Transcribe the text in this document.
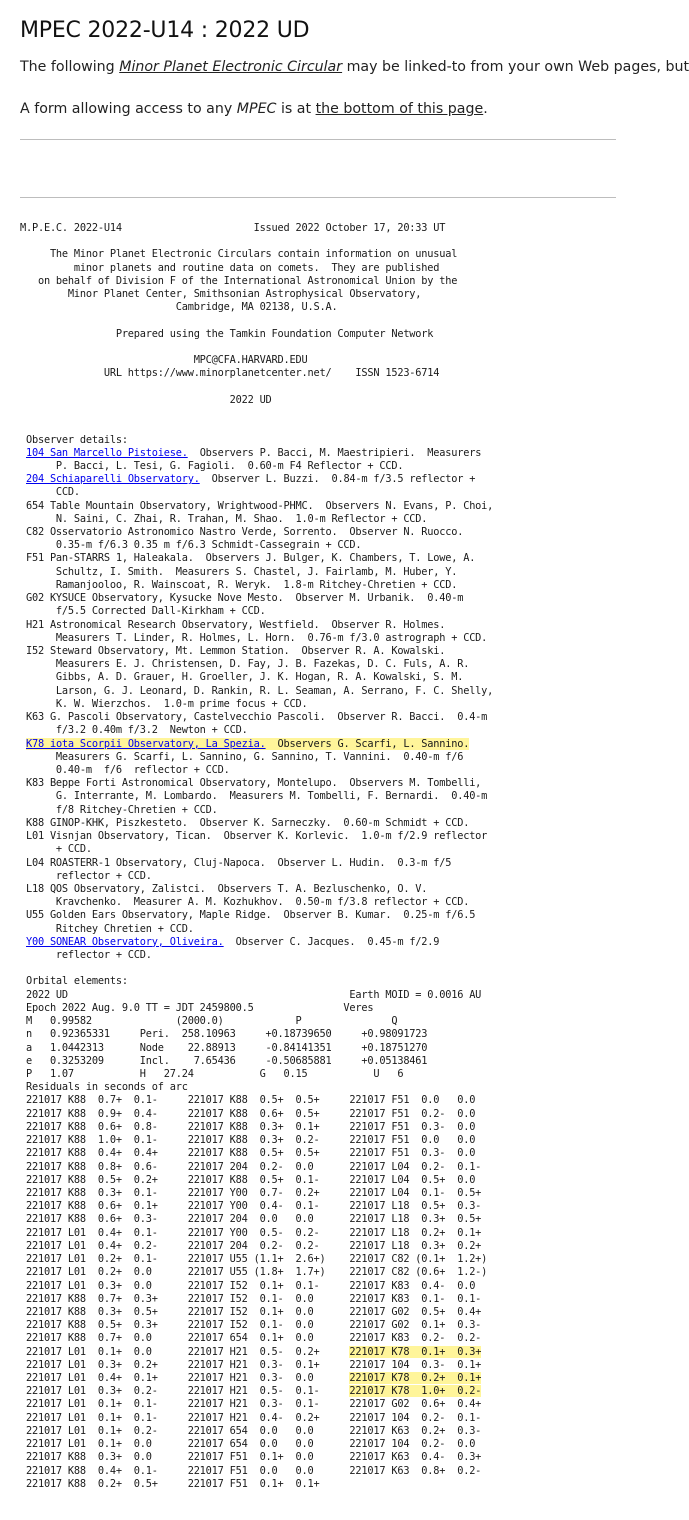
MPEC 2022-U14 : 2022 UD

The following Minor Planet Electronic Circular may be linked-to from your own Web pages, but

A form allowing access to any MPEC is at the bottom of this page.

M.P.E.C. 2022-U14                      Issued 2022 October 17, 20:33 UT
The Minor Planet Electronic Circulars contain information on unusual
minor planets and routine data on comets.  They are published
on behalf of Division F of the International Astronomical Union by the
Minor Planet Center, Smithsonian Astrophysical Observatory,
Cambridge, MA 02138, U.S.A.
Prepared using the Tamkin Foundation Computer Network
MPC@CFA.HARVARD.EDU
URL https://www.minorplanetcenter.net/    ISSN 1523-6714
2022 UD
Observer details:
104 San Marcello Pistoiese.  Observers P. Bacci, M. Maestripieri.  Measurers
P. Bacci, L. Tesi, G. Fagioli.  0.60-m F4 Reflector + CCD.
204 Schiaparelli Observatory.  Observer L. Buzzi.  0.84-m f/3.5 reflector +
CCD.
654 Table Mountain Observatory, Wrightwood-PHMC.  Observers N. Evans, P. Choi,
N. Saini, C. Zhai, R. Trahan, M. Shao.  1.0-m Reflector + CCD.
C82 Osservatorio Astronomico Nastro Verde, Sorrento.  Observer N. Ruocco.
0.35-m f/6.3 0.35 m f/6.3 Schmidt-Cassegrain + CCD.
F51 Pan-STARRS 1, Haleakala.  Observers J. Bulger, K. Chambers, T. Lowe, A.
Schultz, I. Smith.  Measurers S. Chastel, J. Fairlamb, M. Huber, Y.
Ramanjooloo, R. Wainscoat, R. Weryk.  1.8-m Ritchey-Chretien + CCD.
G02 KYSUCE Observatory, Kysucke Nove Mesto.  Observer M. Urbanik.  0.40-m
f/5.5 Corrected Dall-Kirkham + CCD.
H21 Astronomical Research Observatory, Westfield.  Observer R. Holmes.
Measurers T. Linder, R. Holmes, L. Horn.  0.76-m f/3.0 astrograph + CCD.
I52 Steward Observatory, Mt. Lemmon Station.  Observer R. A. Kowalski.
Measurers E. J. Christensen, D. Fay, J. B. Fazekas, D. C. Fuls, A. R.
Gibbs, A. D. Grauer, H. Groeller, J. K. Hogan, R. A. Kowalski, S. M.
Larson, G. J. Leonard, D. Rankin, R. L. Seaman, A. Serrano, F. C. Shelly,
K. W. Wierzchos.  1.0-m prime focus + CCD.
K63 G. Pascoli Observatory, Castelvecchio Pascoli.  Observer R. Bacci.  0.4-m
f/3.2 0.40m f/3.2  Newton + CCD.
K78 iota Scorpii Observatory, La Spezia.  Observers G. Scarfi, L. Sannino.
Measurers G. Scarfi, L. Sannino, G. Sannino, T. Vannini.  0.40-m f/6
0.40-m  f/6  reflector + CCD.
K83 Beppe Forti Astronomical Observatory, Montelupo.  Observers M. Tombelli,
G. Interrante, M. Lombardo.  Measurers M. Tombelli, F. Bernardi.  0.40-m
f/8 Ritchey-Chretien + CCD.
K88 GINOP-KHK, Piszkesteto.  Observer K. Sarneczky.  0.60-m Schmidt + CCD.
L01 Visnjan Observatory, Tican.  Observer K. Korlevic.  1.0-m f/2.9 reflector
+ CCD.
L04 ROASTERR-1 Observatory, Cluj-Napoca.  Observer L. Hudin.  0.3-m f/5
reflector + CCD.
L18 QOS Observatory, Zalistci.  Observers T. A. Bezluschenko, O. V.
Kravchenko.  Measurer A. M. Kozhukhov.  0.50-m f/3.8 reflector + CCD.
U55 Golden Ears Observatory, Maple Ridge.  Observer B. Kumar.  0.25-m f/6.5
Ritchey Chretien + CCD.
Y00 SONEAR Observatory, Oliveira.  Observer C. Jacques.  0.45-m f/2.9
reflector + CCD.
Orbital elements:
2022 UD                                               Earth MOID = 0.0016 AU
Epoch 2022 Aug. 9.0 TT = JDT 2459800.5               Veres
M   0.99582              (2000.0)            P               Q
n   0.92365331     Peri.  258.10963     +0.18739650     +0.98091723
a   1.0442313      Node    22.88913     -0.84141351     +0.18751270
e   0.3253209      Incl.    7.65436     -0.50685881     +0.05138461
P   1.07           H   27.24           G   0.15           U   6
Residuals in seconds of arc
221017 K88  0.7+  0.1-     221017 K88  0.5+  0.5+     221017 F51  0.0   0.0
221017 K88  0.9+  0.4-     221017 K88  0.6+  0.5+     221017 F51  0.2-  0.0
221017 K88  0.6+  0.8-     221017 K88  0.3+  0.1+     221017 F51  0.3-  0.0
221017 K88  1.0+  0.1-     221017 K88  0.3+  0.2-     221017 F51  0.0   0.0
221017 K88  0.4+  0.4+     221017 K88  0.5+  0.5+     221017 F51  0.3-  0.0
221017 K88  0.8+  0.6-     221017 204  0.2-  0.0      221017 L04  0.2-  0.1-
221017 K88  0.5+  0.2+     221017 K88  0.5+  0.1-     221017 L04  0.5+  0.0
221017 K88  0.3+  0.1-     221017 Y00  0.7-  0.2+     221017 L04  0.1-  0.5+
221017 K88  0.6+  0.1+     221017 Y00  0.4-  0.1-     221017 L18  0.5+  0.3-
221017 K88  0.6+  0.3-     221017 204  0.0   0.0      221017 L18  0.3+  0.5+
221017 L01  0.4+  0.1-     221017 Y00  0.5-  0.2-     221017 L18  0.2+  0.1+
221017 L01  0.4+  0.2-     221017 204  0.2-  0.2-     221017 L18  0.3+  0.2+
221017 L01  0.2+  0.1-     221017 U55 (1.1+  2.6+)    221017 C82 (0.1+  1.2+)
221017 L01  0.2+  0.0      221017 U55 (1.8+  1.7+)    221017 C82 (0.6+  1.2-)
221017 L01  0.3+  0.0      221017 I52  0.1+  0.1-     221017 K83  0.4-  0.0
221017 K88  0.7+  0.3+     221017 I52  0.1-  0.0      221017 K83  0.1-  0.1-
221017 K88  0.3+  0.5+     221017 I52  0.1+  0.0      221017 G02  0.5+  0.4+
221017 K88  0.5+  0.3+     221017 I52  0.1-  0.0      221017 G02  0.1+  0.3-
221017 K88  0.7+  0.0      221017 654  0.1+  0.0      221017 K83  0.2-  0.2-
221017 L01  0.1+  0.0      221017 H21  0.5-  0.2+     221017 K78  0.1+  0.3+
221017 L01  0.3+  0.2+     221017 H21  0.3-  0.1+     221017 104  0.3-  0.1+
221017 L01  0.4+  0.1+     221017 H21  0.3-  0.0      221017 K78  0.2+  0.1+
221017 L01  0.3+  0.2-     221017 H21  0.5-  0.1-     221017 K78  1.0+  0.2-
221017 L01  0.1+  0.1-     221017 H21  0.3-  0.1-     221017 G02  0.6+  0.4+
221017 L01  0.1+  0.1-     221017 H21  0.4-  0.2+     221017 104  0.2-  0.1-
221017 L01  0.1+  0.2-     221017 654  0.0   0.0      221017 K63  0.2+  0.3-
221017 L01  0.1+  0.0      221017 654  0.0   0.0      221017 104  0.2-  0.0
221017 K88  0.3+  0.0      221017 F51  0.1+  0.0      221017 K63  0.4-  0.3+
221017 K88  0.4+  0.1-     221017 F51  0.0   0.0      221017 K63  0.8+  0.2-
221017 K88  0.2+  0.5+     221017 F51  0.1+  0.1+
